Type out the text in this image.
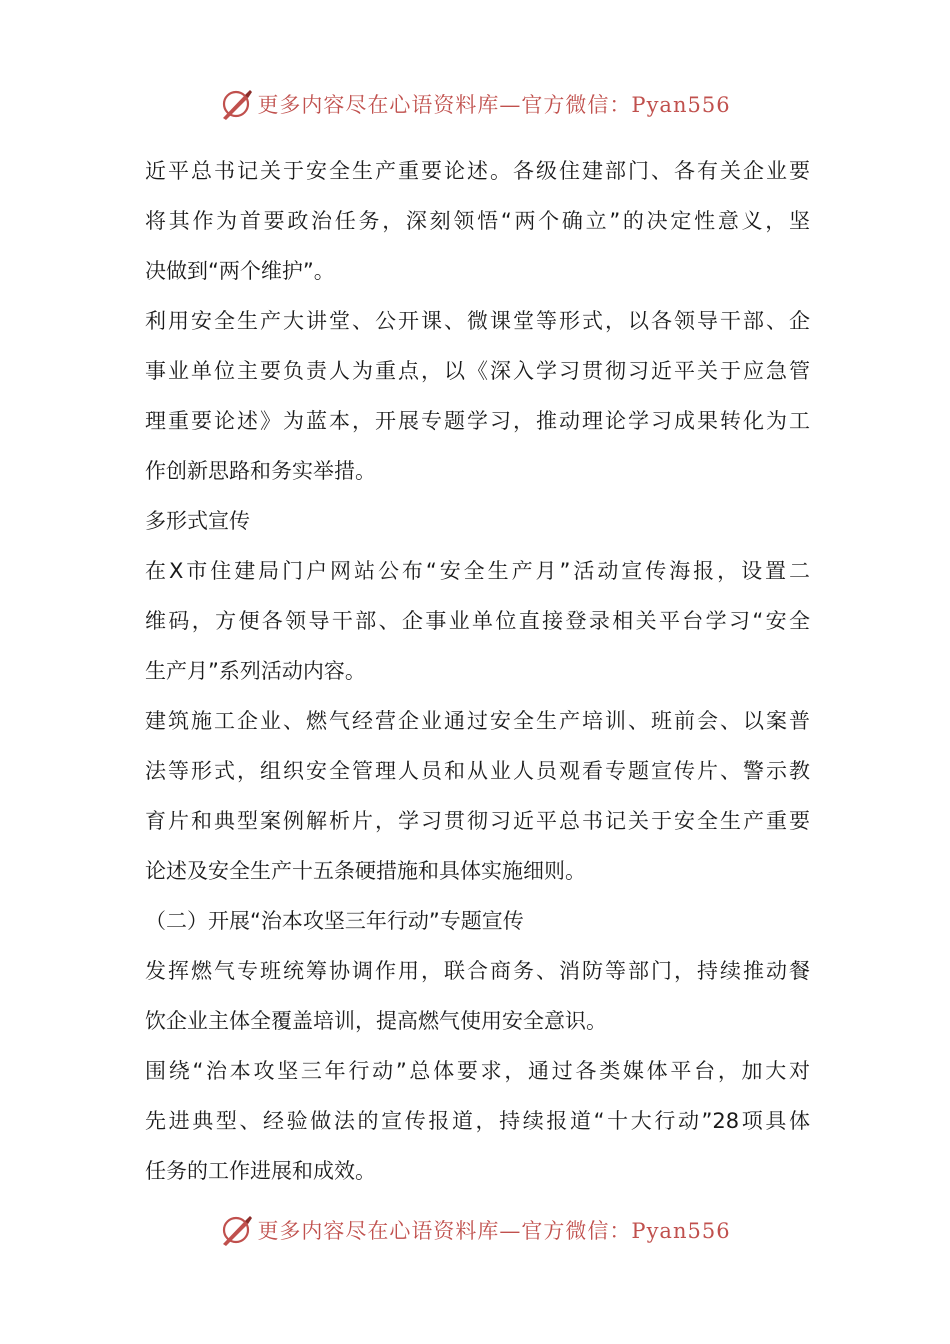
更多内容尽在心语资料库—官方微信：Pyan556
近平总书记关于安全生产重要论述。各级住建部门、各有关企业要
将其作为首要政治任务，深刻领悟“两个确立”的决定性意义，坚
决做到“两个维护”。
利用安全生产大讲堂、公开课、微课堂等形式，以各领导干部、企
事业单位主要负责人为重点，以《深入学习贯彻习近平关于应急管
理重要论述》为蓝本，开展专题学习，推动理论学习成果转化为工
作创新思路和务实举措。
多形式宣传
在X市住建局门户网站公布“安全生产月”活动宣传海报，设置二
维码，方便各领导干部、企事业单位直接登录相关平台学习“安全
生产月”系列活动内容。
建筑施工企业、燃气经营企业通过安全生产培训、班前会、以案普
法等形式，组织安全管理人员和从业人员观看专题宣传片、警示教
育片和典型案例解析片，学习贯彻习近平总书记关于安全生产重要
论述及安全生产十五条硬措施和具体实施细则。
（二）开展“治本攻坚三年行动”专题宣传
发挥燃气专班统筹协调作用，联合商务、消防等部门，持续推动餐
饮企业主体全覆盖培训，提高燃气使用安全意识。
围绕“治本攻坚三年行动”总体要求，通过各类媒体平台，加大对
先进典型、经验做法的宣传报道，持续报道“十大行动”28项具体
任务的工作进展和成效。
更多内容尽在心语资料库—官方微信：Pyan556
